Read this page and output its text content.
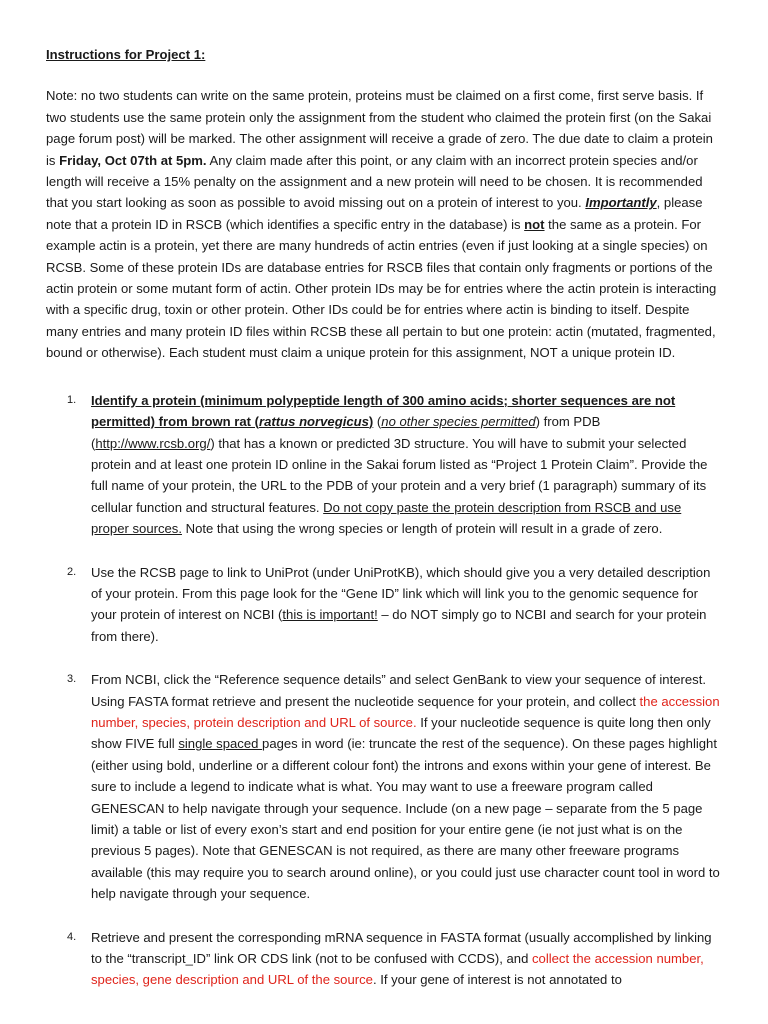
Instructions for Project 1:

Note: no two students can write on the same protein, proteins must be claimed on a first come, first serve basis. If two students use the same protein only the assignment from the student who claimed the protein first (on the Sakai page forum post) will be marked. The other assignment will receive a grade of zero. The due date to claim a protein is Friday, Oct 07th at 5pm. Any claim made after this point, or any claim with an incorrect protein species and/or length will receive a 15% penalty on the assignment and a new protein will need to be chosen. It is recommended that you start looking as soon as possible to avoid missing out on a protein of interest to you. Importantly, please note that a protein ID in RSCB (which identifies a specific entry in the database) is not the same as a protein. For example actin is a protein, yet there are many hundreds of actin entries (even if just looking at a single species) on RCSB. Some of these protein IDs are database entries for RSCB files that contain only fragments or portions of the actin protein or some mutant form of actin. Other protein IDs may be for entries where the actin protein is interacting with a specific drug, toxin or other protein. Other IDs could be for entries where actin is binding to itself. Despite many entries and many protein ID files within RCSB these all pertain to but one protein: actin (mutated, fragmented, bound or otherwise). Each student must claim a unique protein for this assignment, NOT a unique protein ID.

1.	Identify a protein (minimum polypeptide length of 300 amino acids; shorter sequences are not permitted) from brown rat (rattus norvegicus) (no other species permitted) from PDB (http://www.rcsb.org/) that has a known or predicted 3D structure. You will have to submit your selected protein and at least one protein ID online in the Sakai forum listed as “Project 1 Protein Claim”. Provide the full name of your protein, the URL to the PDB of your protein and a very brief (1 paragraph) summary of its cellular function and structural features. Do not copy paste the protein description from RSCB and use proper sources. Note that using the wrong species or length of protein will result in a grade of zero.
2.	Use the RCSB page to link to UniProt (under UniProtKB), which should give you a very detailed description of your protein. From this page look for the “Gene ID” link which will link you to the genomic sequence for your protein of interest on NCBI (this is important! – do NOT simply go to NCBI and search for your protein from there).
3.	From NCBI, click the “Reference sequence details” and select GenBank to view your sequence of interest. Using FASTA format retrieve and present the nucleotide sequence for your protein, and collect the accession number, species, protein description and URL of source. If your nucleotide sequence is quite long then only show FIVE full single spaced pages in word (ie: truncate the rest of the sequence). On these pages highlight (either using bold, underline or a different colour font) the introns and exons within your gene of interest. Be sure to include a legend to indicate what is what. You may want to use a freeware program called GENESCAN to help navigate through your sequence. Include (on a new page – separate from the 5 page limit) a table or list of every exon’s start and end position for your entire gene (ie not just what is on the previous 5 pages). Note that GENESCAN is not required, as there are many other freeware programs available (this may require you to search around online), or you could just use character count tool in word to help navigate through your sequence.
4.	Retrieve and present the corresponding mRNA sequence in FASTA format (usually accomplished by linking to the “transcript_ID” link OR CDS link (not to be confused with CCDS), and collect the accession number, species, gene description and URL of the source. If your gene of interest is not annotated to
